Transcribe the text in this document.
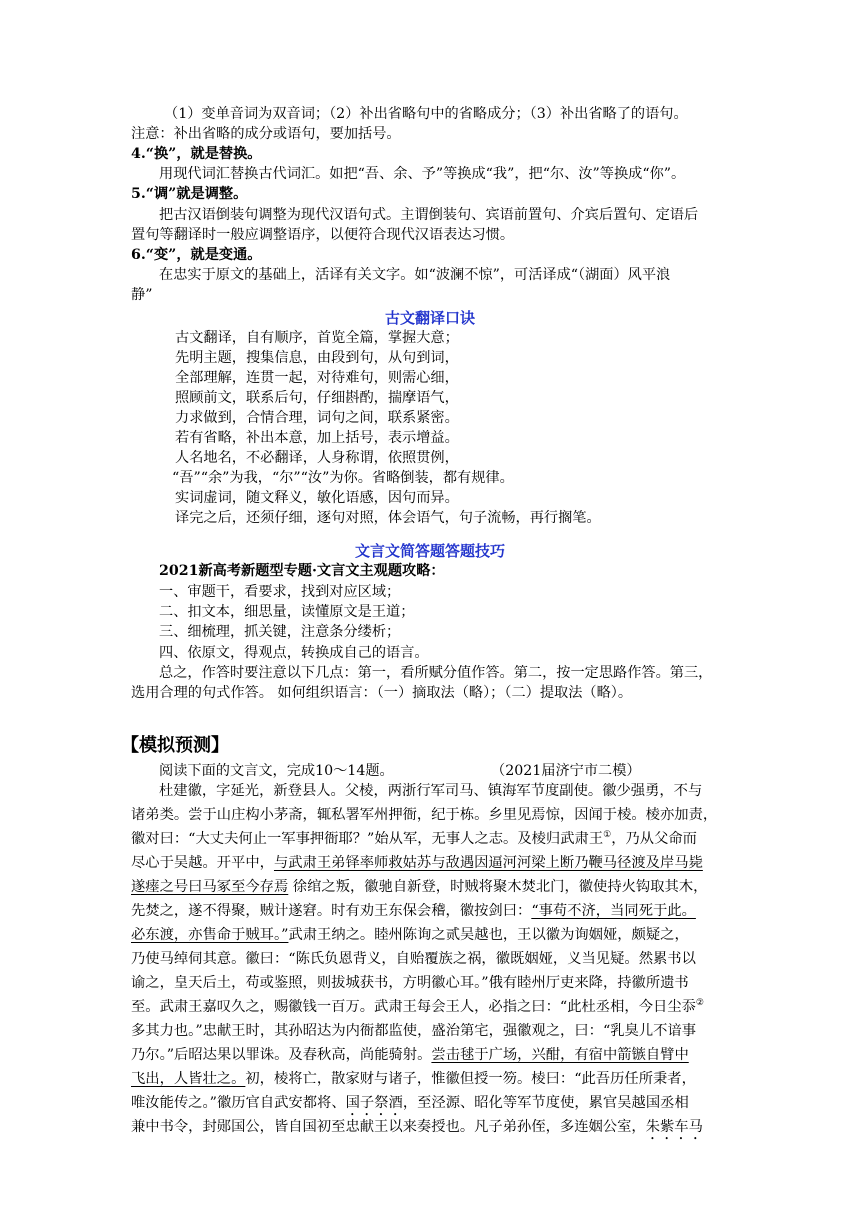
（1）变单音词为双音词；（2）补出省略句中的省略成分；（3）补出省略了的语句。
注意：补出省略的成分或语句，要加括号。
4.“换”，就是替换。
用现代词汇替换古代词汇。如把“吾、余、予”等换成“我”，把“尔、汝”等换成“你”。
5.“调”就是调整。
把古汉语倒装句调整为现代汉语句式。主谓倒装句、宾语前置句、介宾后置句、定语后
置句等翻译时一般应调整语序，以便符合现代汉语表达习惯。
6.“变”，就是变通。
在忠实于原文的基础上，活译有关文字。如“波澜不惊”，可活译成“（湖面）风平浪
静”
古文翻译口诀
古文翻译，自有顺序，首览全篇，掌握大意；
先明主题，搜集信息，由段到句，从句到词，
全部理解，连贯一起，对待难句，则需心细，
照顾前文，联系后句，仔细斟酌，揣摩语气，
力求做到，合情合理，词句之间，联系紧密。
若有省略，补出本意，加上括号，表示增益。
人名地名，不必翻译，人身称谓，依照贯例，
“吾”“余”为我，“尔”“汝”为你。省略倒装，都有规律。
实词虚词，随文释义，敏化语感，因句而异。
译完之后，还须仔细，逐句对照，体会语气，句子流畅，再行搁笔。
文言文简答题答题技巧
2021新高考新题型专题·文言文主观题攻略：
一、审题干，看要求，找到对应区域；
二、扣文本，细思量，读懂原文是王道；
三、细梳理，抓关键，注意条分缕析；
四、依原文，得观点，转换成自己的语言。
总之，作答时要注意以下几点：第一，看所赋分值作答。第二，按一定思路作答。第三，
选用合理的句式作答。 如何组织语言：（一）摘取法（略）；（二）提取法（略）。
【模拟预测】
阅读下面的文言文，完成10～14题。	（2021届济宁市二模）
杜建徽，字延光，新登县人。父棱，两浙行军司马、镇海军节度副使。徽少强勇，不与
诸弟类。尝于山庄构小茅斋，辄私署军州押衙，纪于栋。乡里见焉惊，因闻于棱。棱亦加责，
徽对曰：“大丈夫何止一军事押衙耶？”始从军，无事人之志。及棱归武肃王①，乃从父命而
尽心于吴越。开平中，与武肃王弟铎率师救姑苏与敌遇因逼河河梁上断乃鞭马径渡及岸马毙
遂瘗之号曰马冢至今存焉 徐绾之叛，徽驰自新登，时贼将聚木焚北门，徽使持火钩取其木，
先焚之，遂不得聚，贼计遂窘。时有劝王东保会稽，徽按剑曰：“事苟不济，当同死于此。
必东渡，亦售命于贼耳。”武肃王纳之。睦州陈询之贰吴越也，王以徽为询姻娅，颇疑之，
乃使马绰伺其意。徽曰：“陈氏负恩背义，自贻覆族之祸，徽既姻娅，义当见疑。然累书以
谕之，皇天后土，苟或鉴照，则拔城获书，方明徽心耳。”俄有睦州厅吏来降，持徽所遗书
至。武肃王嘉叹久之，赐徽钱一百万。武肃王每会王人，必指之曰：“此杜丞相，今日尘忝②
多其力也。”忠献王时，其孙昭达为内衙都监使，盛治第宅，强徽观之，曰：“乳臭儿不谙事
乃尔。”后昭达果以罪诛。及春秋高，尚能骑射。尝击毬于广场，兴酣，有宿中箭镞自臂中
飞出，人皆壮之。初，棱将亡，散家财与诸子，惟徽但授一笏。棱曰：“此吾历任所秉者，
唯汝能传之。”徽历官自武安都将、国子祭酒，至泾源、昭化等军节度使，累官吴越国丞相
兼中书令，封郧国公，皆自国初至忠献王以来奏授也。凡子弟孙侄，多连姻公室，朱紫车马
